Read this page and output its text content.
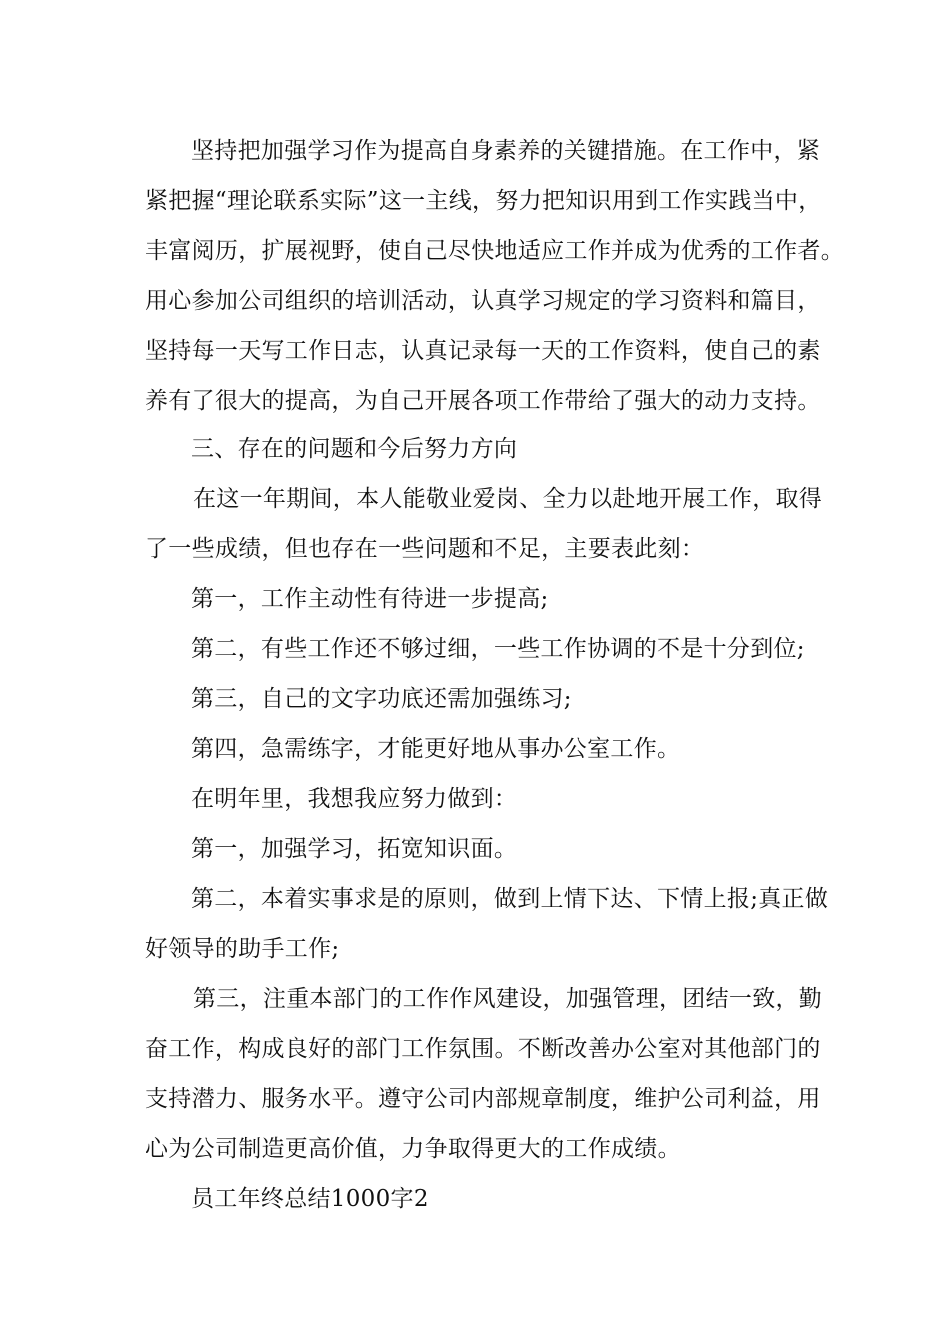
坚持把加强学习作为提高自身素养的关键措施。在工作中，紧
紧把握“理论联系实际”这一主线，努力把知识用到工作实践当中，
丰富阅历，扩展视野，使自己尽快地适应工作并成为优秀的工作者。
用心参加公司组织的培训活动，认真学习规定的学习资料和篇目，
坚持每一天写工作日志，认真记录每一天的工作资料，使自己的素
养有了很大的提高，为自己开展各项工作带给了强大的动力支持。

三、存在的问题和今后努力方向

在这一年期间，本人能敬业爱岗、全力以赴地开展工作，取得
了一些成绩，但也存在一些问题和不足，主要表此刻：

第一，工作主动性有待进一步提高;

第二，有些工作还不够过细，一些工作协调的不是十分到位;

第三，自己的文字功底还需加强练习;

第四，急需练字，才能更好地从事办公室工作。

在明年里，我想我应努力做到：

第一，加强学习，拓宽知识面。

第二，本着实事求是的原则，做到上情下达、下情上报;真正做
好领导的助手工作;

第三，注重本部门的工作作风建设，加强管理，团结一致，勤
奋工作，构成良好的部门工作氛围。不断改善办公室对其他部门的
支持潜力、服务水平。遵守公司内部规章制度，维护公司利益，用
心为公司制造更高价值，力争取得更大的工作成绩。

员工年终总结1000字2
